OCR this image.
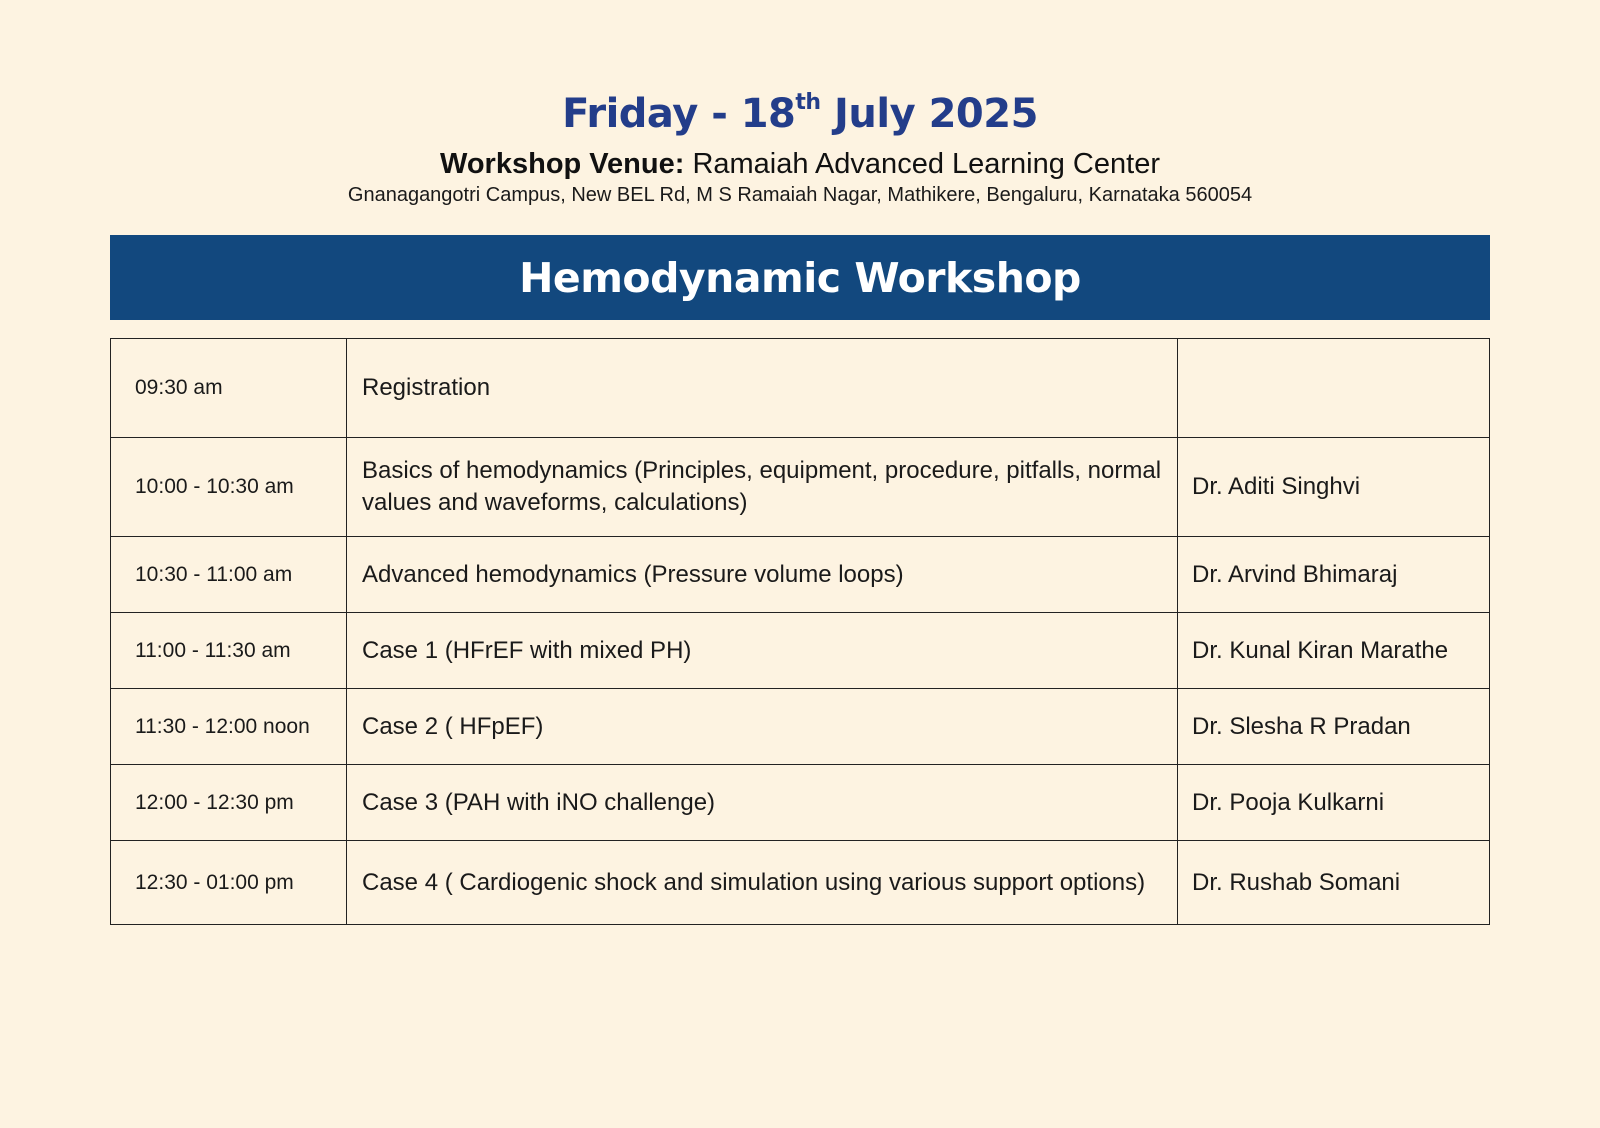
Friday - 18th July 2025
Workshop Venue: Ramaiah Advanced Learning Center
Gnanagangotri Campus, New BEL Rd, M S Ramaiah Nagar, Mathikere, Bengaluru, Karnataka 560054
Hemodynamic Workshop
09:30 am	Registration	
10:00 - 10:30 am	Basics of hemodynamics (Principles, equipment, procedure, pitfalls, normal values and waveforms, calculations)	Dr. Aditi Singhvi
10:30 - 11:00 am	Advanced hemodynamics (Pressure volume loops)	Dr. Arvind Bhimaraj
11:00 - 11:30 am	Case 1 (HFrEF with mixed PH)	Dr. Kunal Kiran Marathe
11:30 - 12:00 noon	Case 2 ( HFpEF)	Dr. Slesha R Pradan
12:00 - 12:30 pm	Case 3 (PAH with iNO challenge)	Dr. Pooja Kulkarni
12:30 - 01:00 pm	Case 4 ( Cardiogenic shock and simulation using various support options)	Dr. Rushab Somani
